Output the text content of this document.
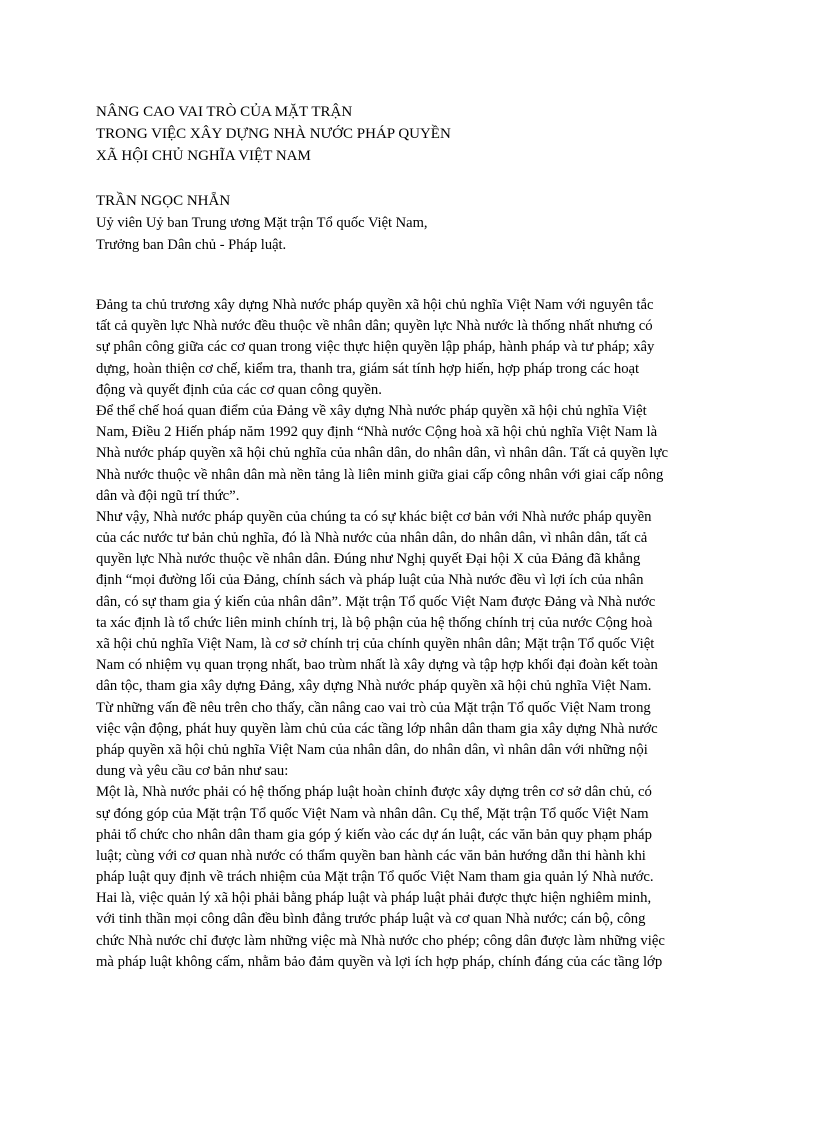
NÂNG CAO VAI TRÒ CỦA MẶT TRẬN
TRONG VIỆC XÂY DỰNG NHÀ NƯỚC PHÁP QUYỀN
XÃ HỘI CHỦ NGHĨA VIỆT NAM
TRẦN NGỌC NHẴN
Uỷ viên Uỷ ban Trung ương Mặt trận Tổ quốc Việt Nam,
Trưởng ban Dân chủ - Pháp luật.
Đảng ta chủ trương xây dựng Nhà nước pháp quyền xã hội chủ nghĩa Việt Nam với nguyên tắc
tất cả quyền lực Nhà nước đều thuộc về nhân dân; quyền lực Nhà nước là thống nhất nhưng có
sự phân công giữa các cơ quan trong việc thực hiện quyền lập pháp, hành pháp và tư pháp; xây
dựng, hoàn thiện cơ chế, kiểm tra, thanh tra, giám sát tính hợp hiến, hợp pháp trong các hoạt
động và quyết định của các cơ quan công quyền.
Để thể chế hoá quan điểm của Đảng về xây dựng Nhà nước pháp quyền xã hội chủ nghĩa Việt
Nam, Điều 2 Hiến pháp năm 1992 quy định “Nhà nước Cộng hoà xã hội chủ nghĩa Việt Nam là
Nhà nước pháp quyền xã hội chủ nghĩa của nhân dân, do nhân dân, vì nhân dân. Tất cả quyền lực
Nhà nước thuộc về nhân dân mà nền tảng là liên minh giữa giai cấp công nhân với giai cấp nông
dân và đội ngũ trí thức”.
Như vậy, Nhà nước pháp quyền của chúng ta có sự khác biệt cơ bản với Nhà nước pháp quyền
của các nước tư bản chủ nghĩa, đó là Nhà nước của nhân dân, do nhân dân, vì nhân dân, tất cả
quyền lực Nhà nước thuộc về nhân dân. Đúng như Nghị quyết Đại hội X của Đảng đã khẳng
định “mọi đường lối của Đảng, chính sách và pháp luật của Nhà nước đều vì lợi ích của nhân
dân, có sự tham gia ý kiến của nhân dân”. Mặt trận Tổ quốc Việt Nam được Đảng và Nhà nước
ta xác định là tổ chức liên minh chính trị, là bộ phận của hệ thống chính trị của nước Cộng hoà
xã hội chủ nghĩa Việt Nam, là cơ sở chính trị của chính quyền nhân dân; Mặt trận Tổ quốc Việt
Nam có nhiệm vụ quan trọng nhất, bao trùm nhất là xây dựng và tập hợp khối đại đoàn kết toàn
dân tộc, tham gia xây dựng Đảng, xây dựng Nhà nước pháp quyền xã hội chủ nghĩa Việt Nam.
Từ những vấn đề nêu trên cho thấy, cần nâng cao vai trò của Mặt trận Tổ quốc Việt Nam trong
việc vận động, phát huy quyền làm chủ của các tầng lớp nhân dân tham gia xây dựng Nhà nước
pháp quyền xã hội chủ nghĩa Việt Nam của nhân dân, do nhân dân, vì nhân dân với những nội
dung và yêu cầu cơ bản như sau:
Một là, Nhà nước phải có hệ thống pháp luật hoàn chỉnh được xây dựng trên cơ sở dân chủ, có
sự đóng góp của Mặt trận Tổ quốc Việt Nam và nhân dân. Cụ thể, Mặt trận Tổ quốc Việt Nam
phải tổ chức cho nhân dân tham gia góp ý kiến vào các dự án luật, các văn bản quy phạm pháp
luật; cùng với cơ quan nhà nước có thẩm quyền ban hành các văn bản hướng dẫn thi hành khi
pháp luật quy định về trách nhiệm của Mặt trận Tổ quốc Việt Nam tham gia quản lý Nhà nước.
Hai là, việc quản lý xã hội phải bằng pháp luật và pháp luật phải được thực hiện nghiêm minh,
với tinh thần mọi công dân đều bình đẳng trước pháp luật và cơ quan Nhà nước; cán bộ, công
chức Nhà nước chỉ được làm những việc mà Nhà nước cho phép; công dân được làm những việc
mà pháp luật không cấm, nhằm bảo đảm quyền và lợi ích hợp pháp, chính đáng của các tầng lớp
